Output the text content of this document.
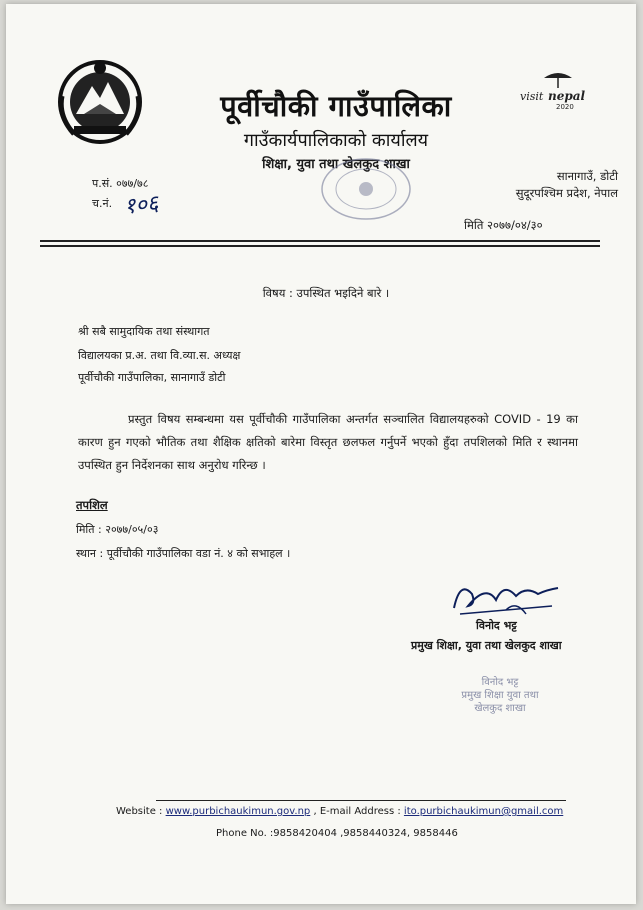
पूर्वीचौकी गाउँपालिका
गाउँकार्यपालिकाको कार्यालय
शिक्षा, युवा तथा खेलकुद शाखा
visit nepal
2020
प.सं. ०७७/७८
च.नं. १०६
सानागाउँ, डोटी
सुदूरपश्चिम प्रदेश, नेपाल
मिति २०७७/०४/३०
विषय : उपस्थित भइदिने बारे ।
श्री सबै सामुदायिक तथा संस्थागत
विद्यालयका प्र.अ. तथा वि.व्या.स. अध्यक्ष
पूर्वीचौकी गाउँपालिका, सानागाउँ डोटी
प्रस्तुत विषय सम्बन्धमा यस पूर्वीचौकी गाउँपालिका अन्तर्गत सञ्चालित विद्यालयहरुको COVID - 19 का कारण हुन गएको भौतिक तथा शैक्षिक क्षतिको बारेमा विस्तृत छलफल गर्नुपर्ने भएको हुँदा तपशिलको मिति र स्थानमा उपस्थित हुन निर्देशनका साथ अनुरोध गरिन्छ ।
तपशिल
मिति : २०७७/०५/०३
स्थान : पूर्वीचौकी गाउँपालिका वडा नं. ४ को सभाहल ।
विनोद भट्ट
प्रमुख शिक्षा, युवा तथा खेलकुद शाखा
विनोद भट्ट
प्रमुख शिक्षा युवा तथा
खेलकुद शाखा
Website : www.purbichaukimun.gov.np , E-mail Address : ito.purbichaukimun@gmail.com
Phone No. :9858420404 ,9858440324, 9858446
